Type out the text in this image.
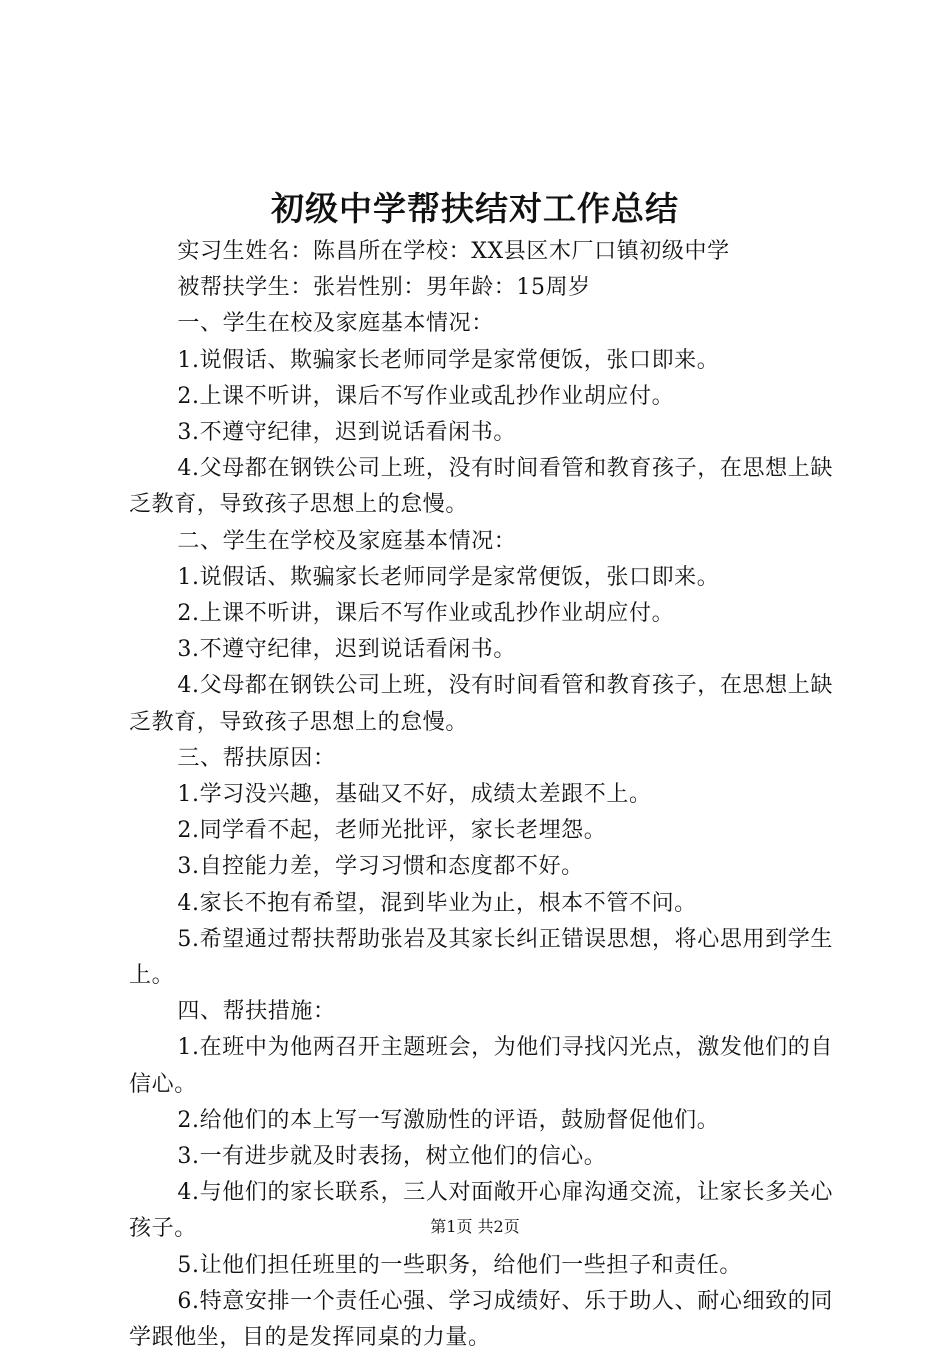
初级中学帮扶结对工作总结

实习生姓名：陈昌所在学校：XX县区木厂口镇初级中学

被帮扶学生：张岩性别：男年龄：15周岁

一、学生在校及家庭基本情况：

1.说假话、欺骗家长老师同学是家常便饭，张口即来。

2.上课不听讲，课后不写作业或乱抄作业胡应付。

3.不遵守纪律，迟到说话看闲书。

4.父母都在钢铁公司上班，没有时间看管和教育孩子，在思想上缺乏教育，导致孩子思想上的怠慢。

二、学生在学校及家庭基本情况：

1.说假话、欺骗家长老师同学是家常便饭，张口即来。

2.上课不听讲，课后不写作业或乱抄作业胡应付。

3.不遵守纪律，迟到说话看闲书。

4.父母都在钢铁公司上班，没有时间看管和教育孩子，在思想上缺乏教育，导致孩子思想上的怠慢。

三、帮扶原因：

1.学习没兴趣，基础又不好，成绩太差跟不上。

2.同学看不起，老师光批评，家长老埋怨。

3.自控能力差，学习习惯和态度都不好。

4.家长不抱有希望，混到毕业为止，根本不管不问。

5.希望通过帮扶帮助张岩及其家长纠正错误思想，将心思用到学生上。

四、帮扶措施：

1.在班中为他两召开主题班会，为他们寻找闪光点，激发他们的自信心。

2.给他们的本上写一写激励性的评语，鼓励督促他们。

3.一有进步就及时表扬，树立他们的信心。

4.与他们的家长联系，三人对面敞开心扉沟通交流，让家长多关心孩子。

5.让他们担任班里的一些职务，给他们一些担子和责任。

6.特意安排一个责任心强、学习成绩好、乐于助人、耐心细致的同学跟他坐，目的是发挥同桌的力量。

第1页 共2页
